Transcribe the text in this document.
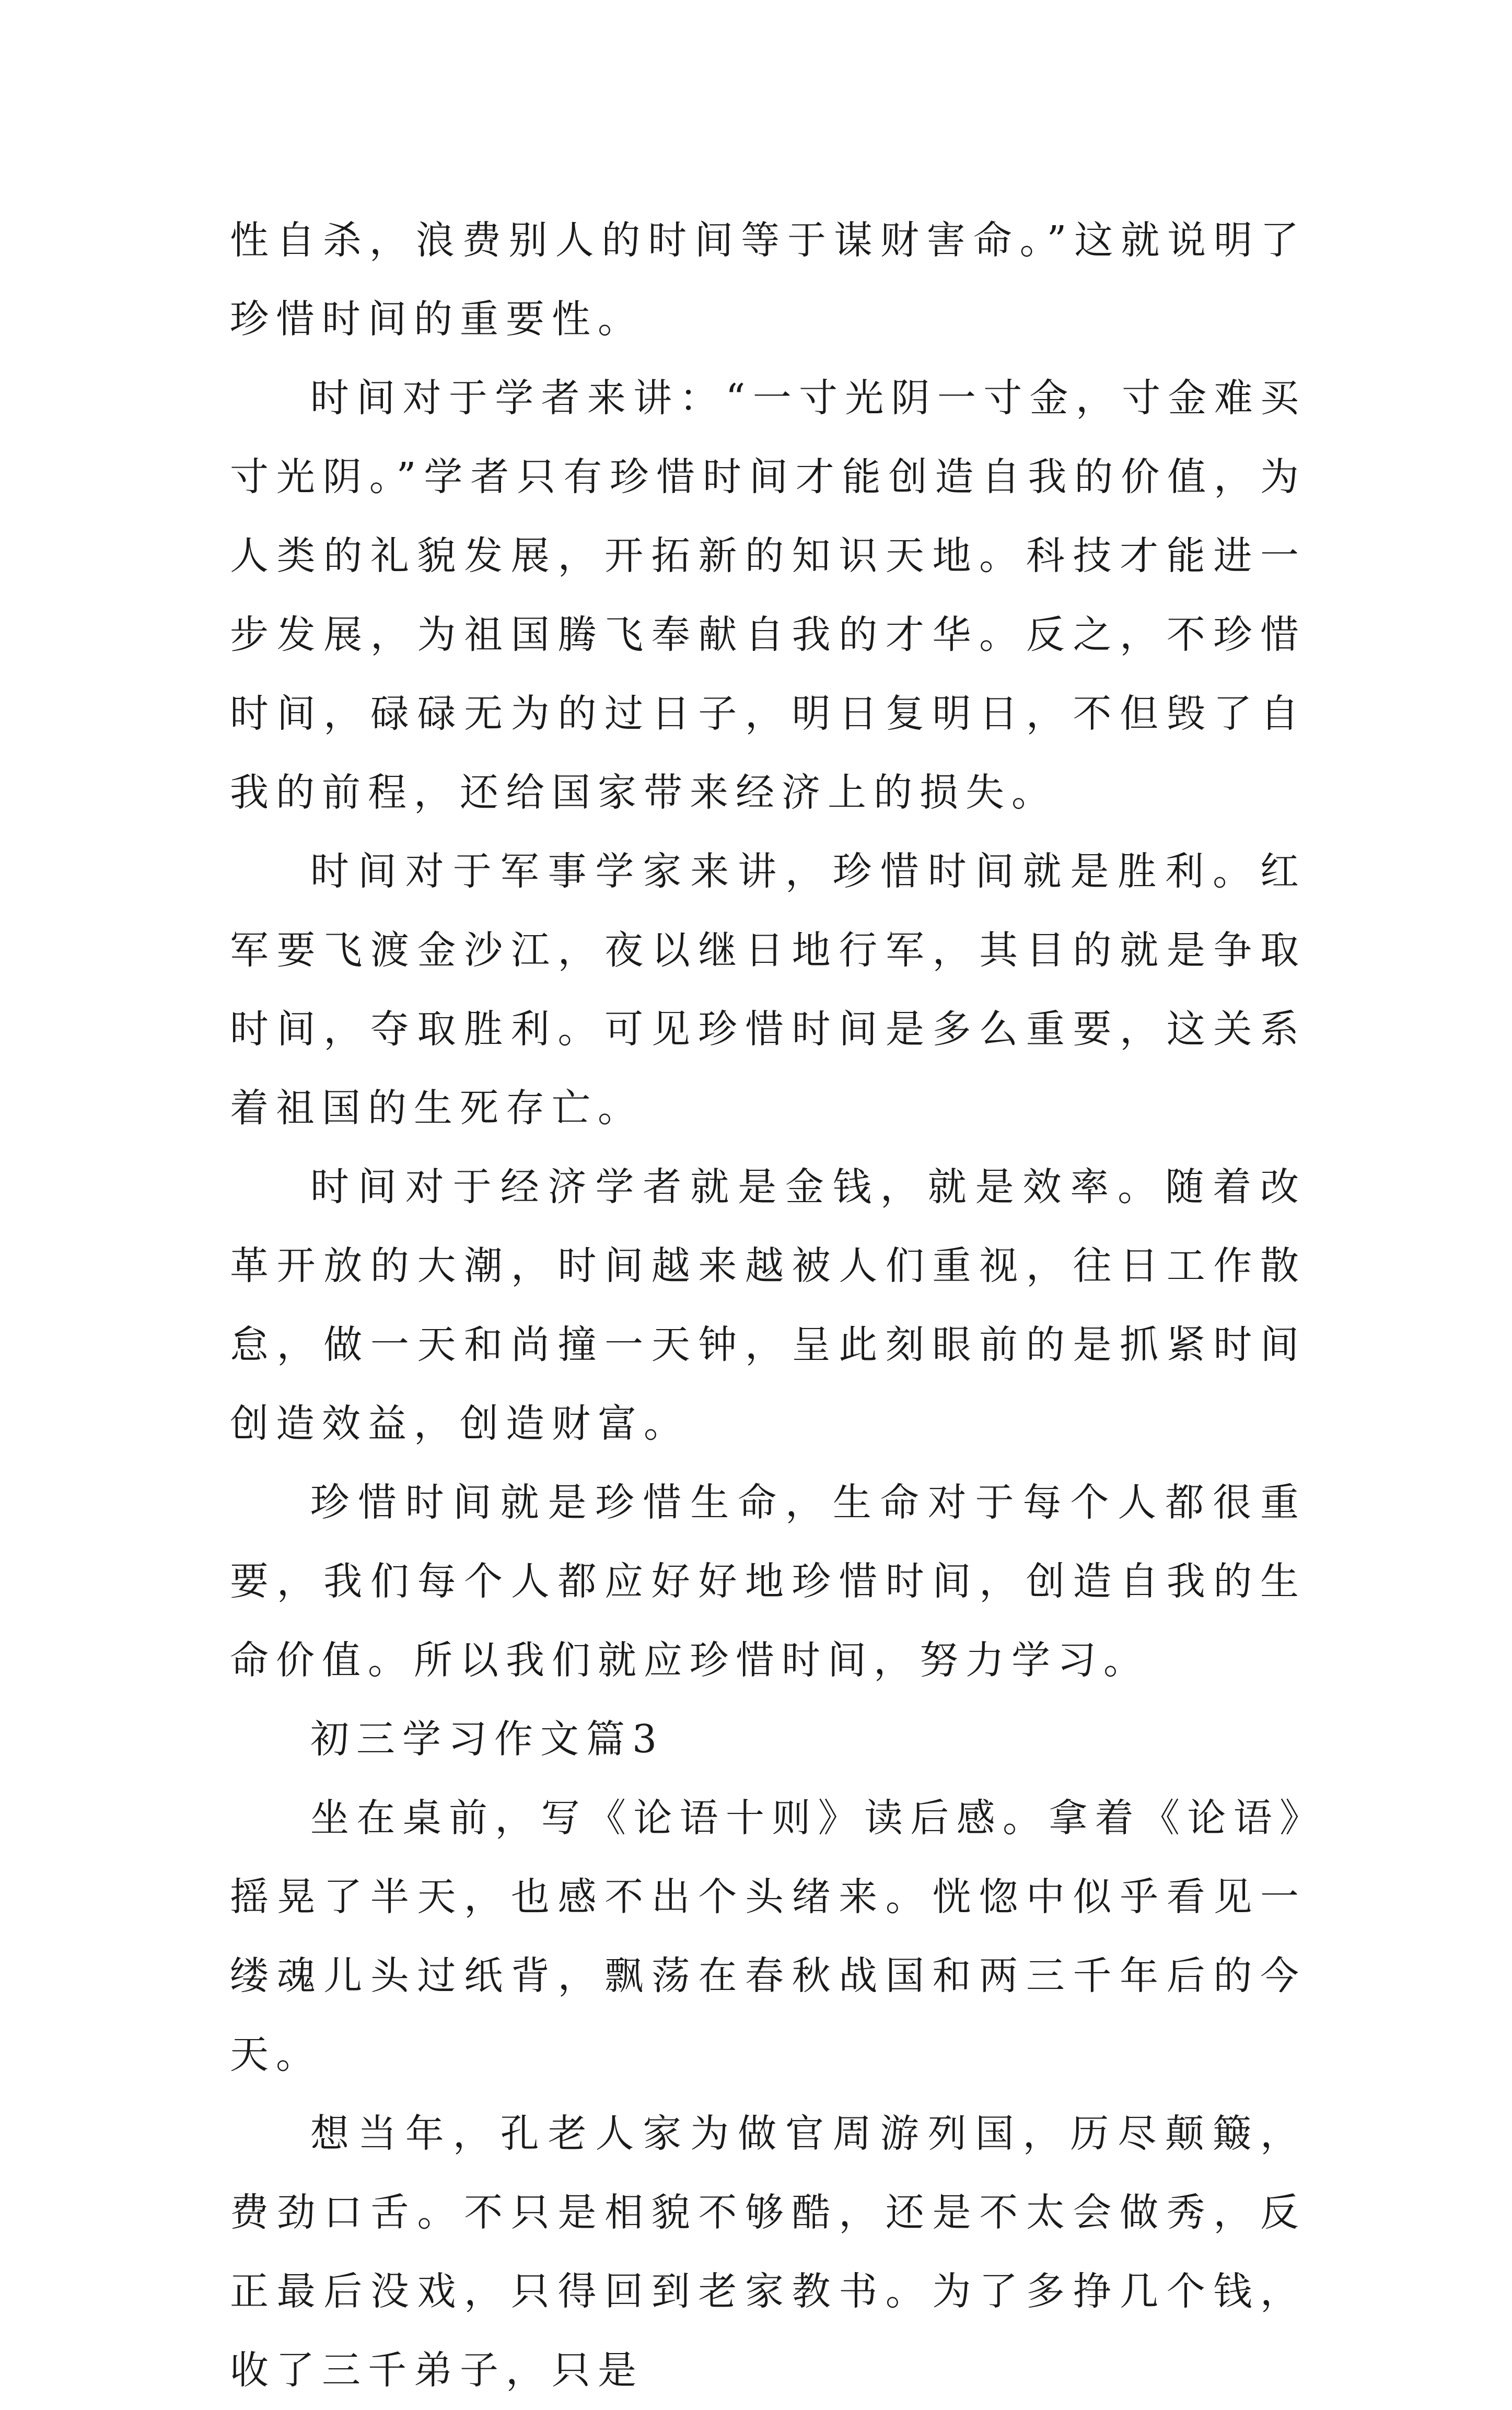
性自杀，浪费别人的时间等于谋财害命。”这就说明了珍惜时间的重要性。

时间对于学者来讲：“一寸光阴一寸金，寸金难买寸光阴。”学者只有珍惜时间才能创造自我的价值，为人类的礼貌发展，开拓新的知识天地。科技才能进一步发展，为祖国腾飞奉献自我的才华。反之，不珍惜时间，碌碌无为的过日子，明日复明日，不但毁了自我的前程，还给国家带来经济上的损失。

时间对于军事学家来讲，珍惜时间就是胜利。红军要飞渡金沙江，夜以继日地行军，其目的就是争取时间，夺取胜利。可见珍惜时间是多么重要，这关系着祖国的生死存亡。

时间对于经济学者就是金钱，就是效率。随着改革开放的大潮，时间越来越被人们重视，往日工作散怠，做一天和尚撞一天钟，呈此刻眼前的是抓紧时间创造效益，创造财富。

珍惜时间就是珍惜生命，生命对于每个人都很重要，我们每个人都应好好地珍惜时间，创造自我的生命价值。所以我们就应珍惜时间，努力学习。

初三学习作文篇3

坐在桌前，写《论语十则》读后感。拿着《论语》摇晃了半天，也感不出个头绪来。恍惚中似乎看见一缕魂儿头过纸背，飘荡在春秋战国和两三千年后的今天。

想当年，孔老人家为做官周游列国，历尽颠簸，费劲口舌。不只是相貌不够酷，还是不太会做秀，反正最后没戏，只得回到老家教书。为了多挣几个钱，收了三千弟子，只是
